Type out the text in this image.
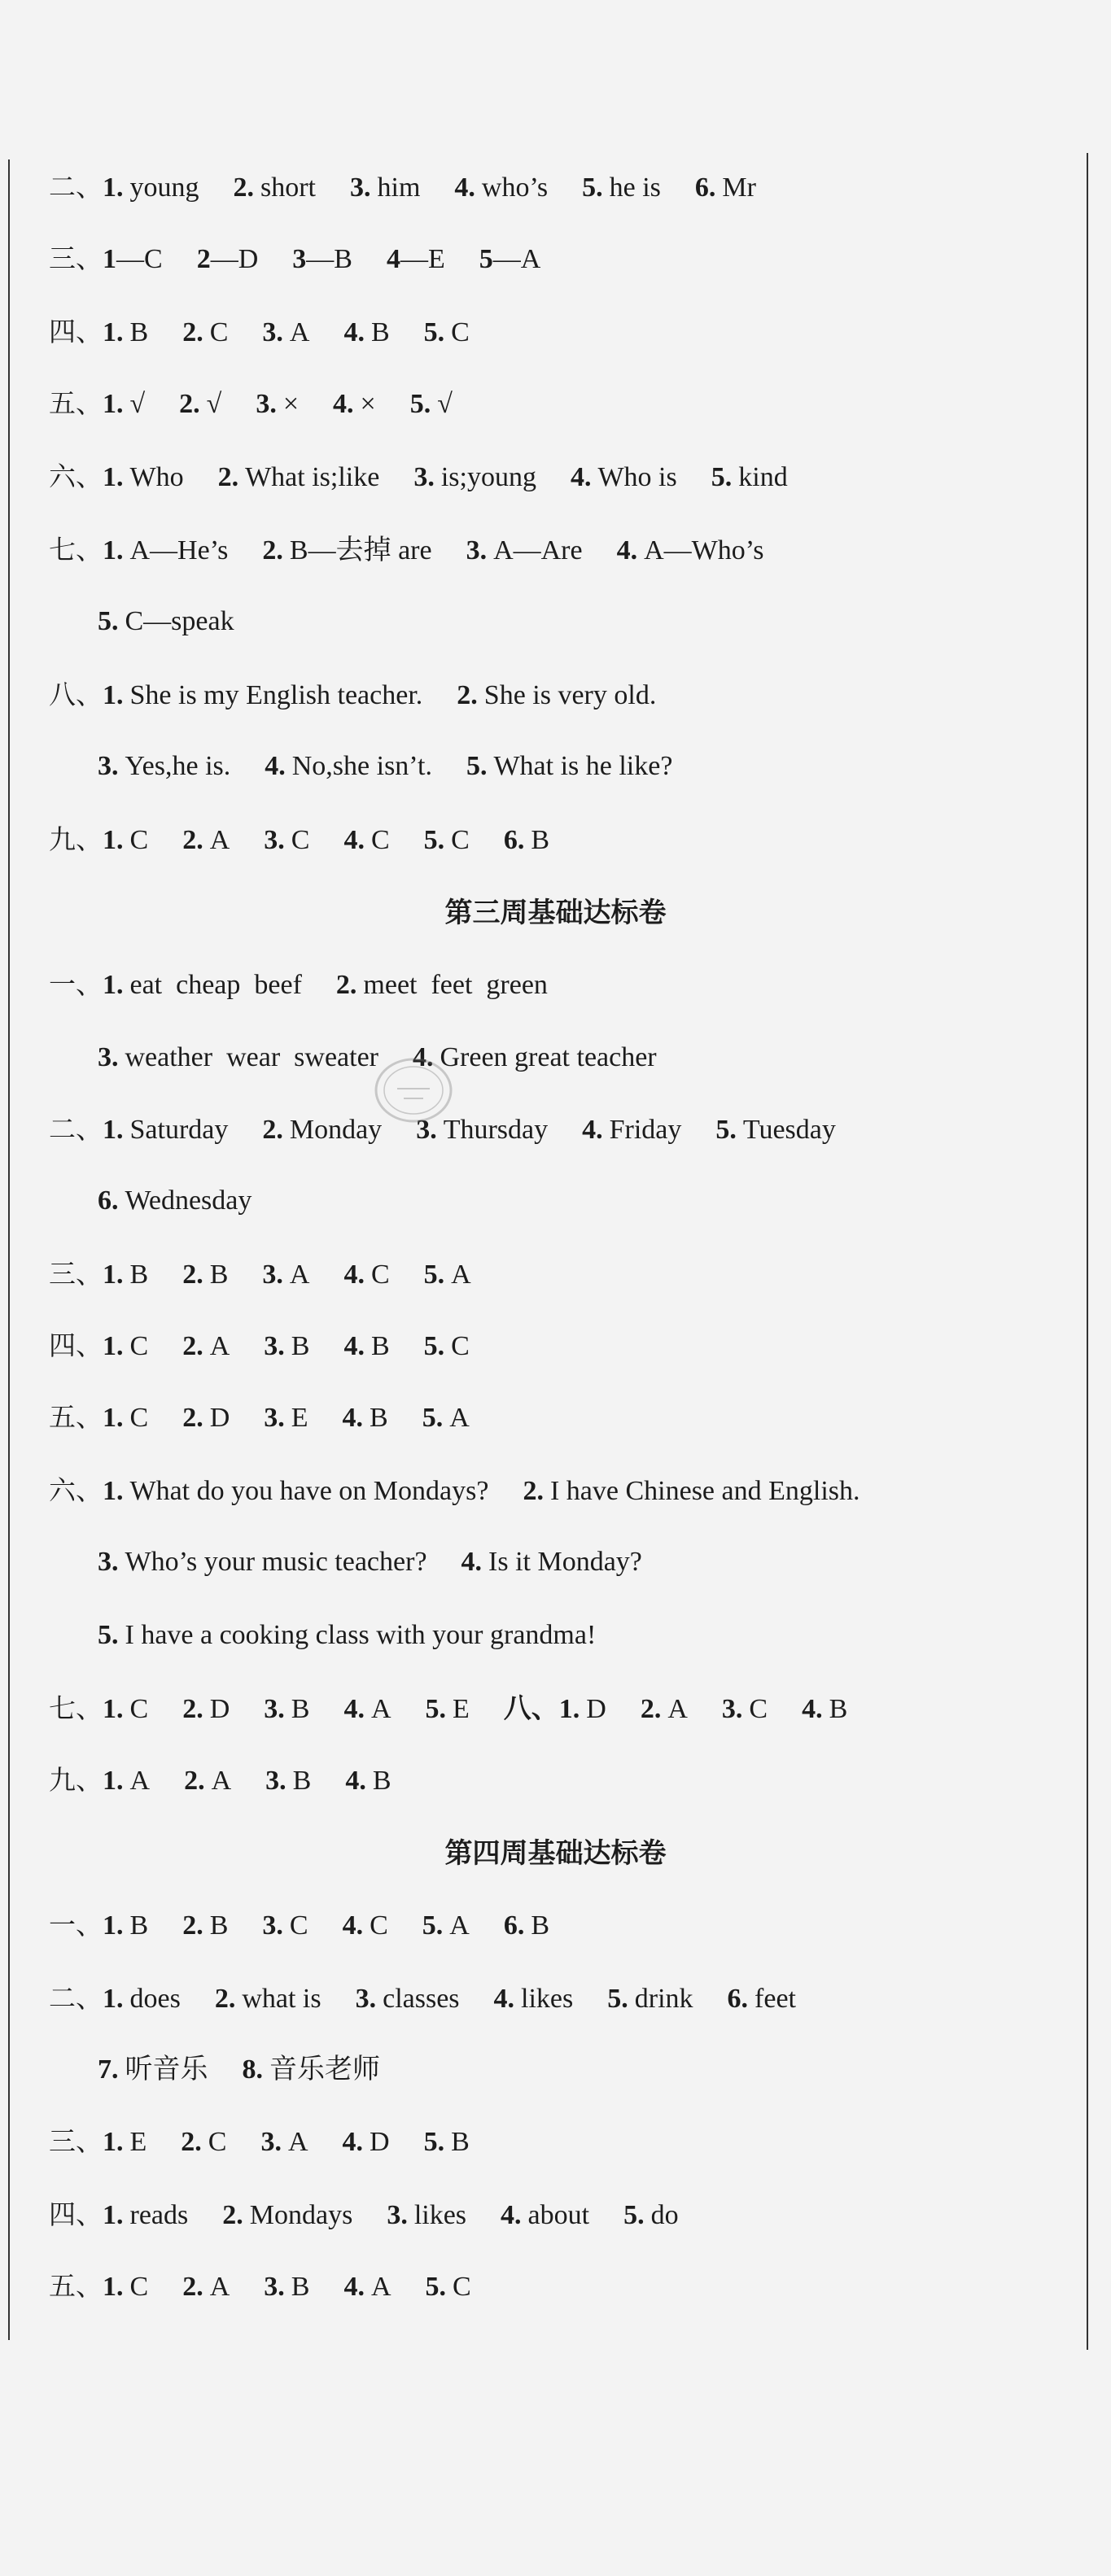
二、1. young 2. short 3. him 4. who’s 5. he is 6. Mr
三、1—C 2—D 3—B 4—E 5—A
四、1. B 2. C 3. A 4. B 5. C
五、1. √ 2. √ 3. × 4. × 5. √
六、1. Who 2. What is;like 3. is;young 4. Who is 5. kind
七、1. A—He’s 2. B—去掉 are 3. A—Are 4. A—Who’s
5. C—speak
八、1. She is my English teacher. 2. She is very old.
3. Yes,he is. 4. No,she isn’t. 5. What is he like?
九、1. C 2. A 3. C 4. C 5. C 6. B
第三周基础达标卷
一、1. eat  cheap  beef 2. meet  feet  green
3. weather  wear  sweater 4. Green great teacher
二、1. Saturday 2. Monday 3. Thursday 4. Friday 5. Tuesday
6. Wednesday
三、1. B 2. B 3. A 4. C 5. A
四、1. C 2. A 3. B 4. B 5. C
五、1. C 2. D 3. E 4. B 5. A
六、1. What do you have on Mondays? 2. I have Chinese and English.
3. Who’s your music teacher? 4. Is it Monday?
5. I have a cooking class with your grandma!
七、1. C 2. D 3. B 4. A 5. E 八、1. D 2. A 3. C 4. B
九、1. A 2. A 3. B 4. B
第四周基础达标卷
一、1. B 2. B 3. C 4. C 5. A 6. B
二、1. does 2. what is 3. classes 4. likes 5. drink 6. feet
7. 听音乐 8. 音乐老师
三、1. E 2. C 3. A 4. D 5. B
四、1. reads 2. Mondays 3. likes 4. about 5. do
五、1. C 2. A 3. B 4. A 5. C
